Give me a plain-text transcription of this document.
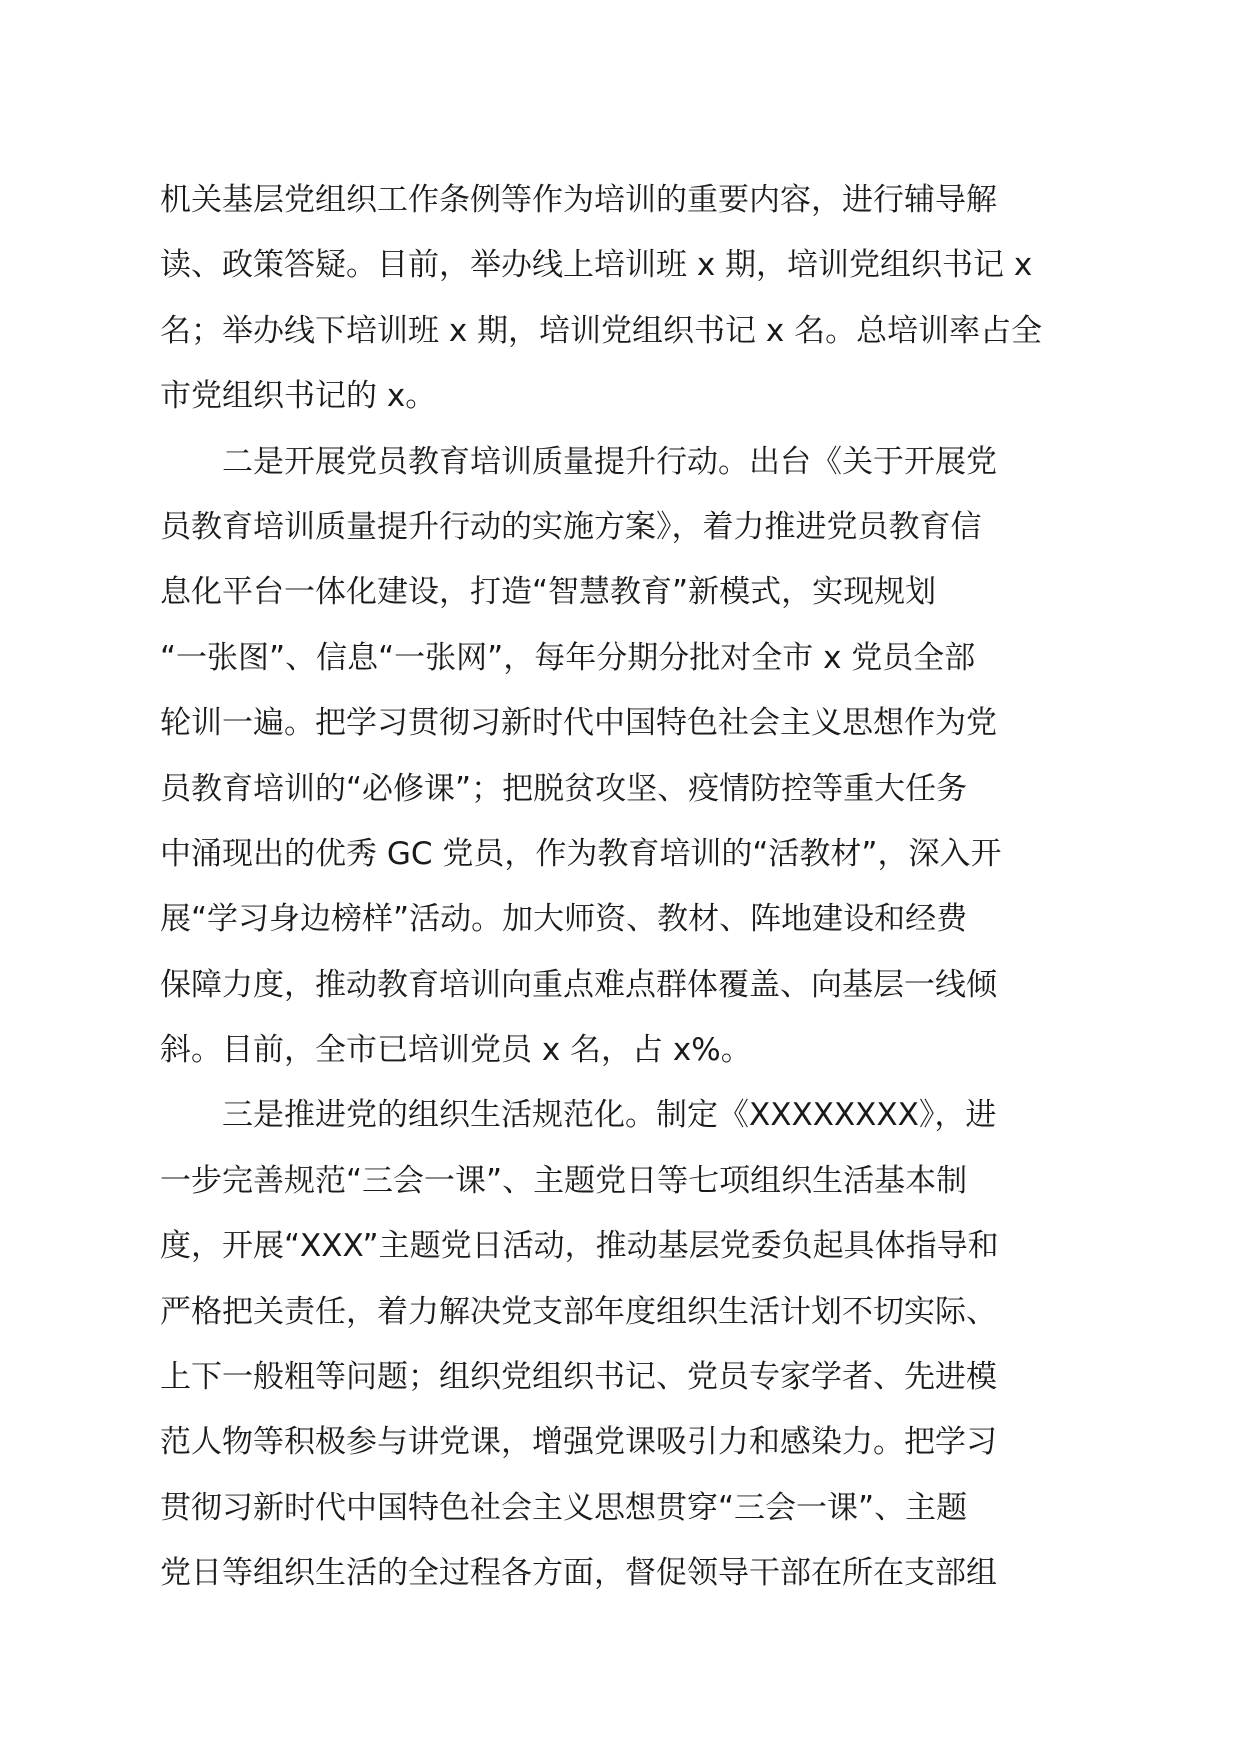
机关基层党组织工作条例等作为培训的重要内容，进行辅导解
读、政策答疑。目前，举办线上培训班 x 期，培训党组织书记 x
名；举办线下培训班 x 期，培训党组织书记 x 名。总培训率占全
市党组织书记的 x。
二是开展党员教育培训质量提升行动。出台《关于开展党
员教育培训质量提升行动的实施方案》，着力推进党员教育信
息化平台一体化建设，打造“智慧教育”新模式，实现规划
“一张图”、信息“一张网”，每年分期分批对全市 x 党员全部
轮训一遍。把学习贯彻习新时代中国特色社会主义思想作为党
员教育培训的“必修课”；把脱贫攻坚、疫情防控等重大任务
中涌现出的优秀 GC 党员，作为教育培训的“活教材”，深入开
展“学习身边榜样”活动。加大师资、教材、阵地建设和经费
保障力度，推动教育培训向重点难点群体覆盖、向基层一线倾
斜。目前，全市已培训党员 x 名，占 x%。
三是推进党的组织生活规范化。制定《XXXXXXXX》，进
一步完善规范“三会一课”、主题党日等七项组织生活基本制
度，开展“XXX”主题党日活动，推动基层党委负起具体指导和
严格把关责任，着力解决党支部年度组织生活计划不切实际、
上下一般粗等问题；组织党组织书记、党员专家学者、先进模
范人物等积极参与讲党课，增强党课吸引力和感染力。把学习
贯彻习新时代中国特色社会主义思想贯穿“三会一课”、主题
党日等组织生活的全过程各方面，督促领导干部在所在支部组
